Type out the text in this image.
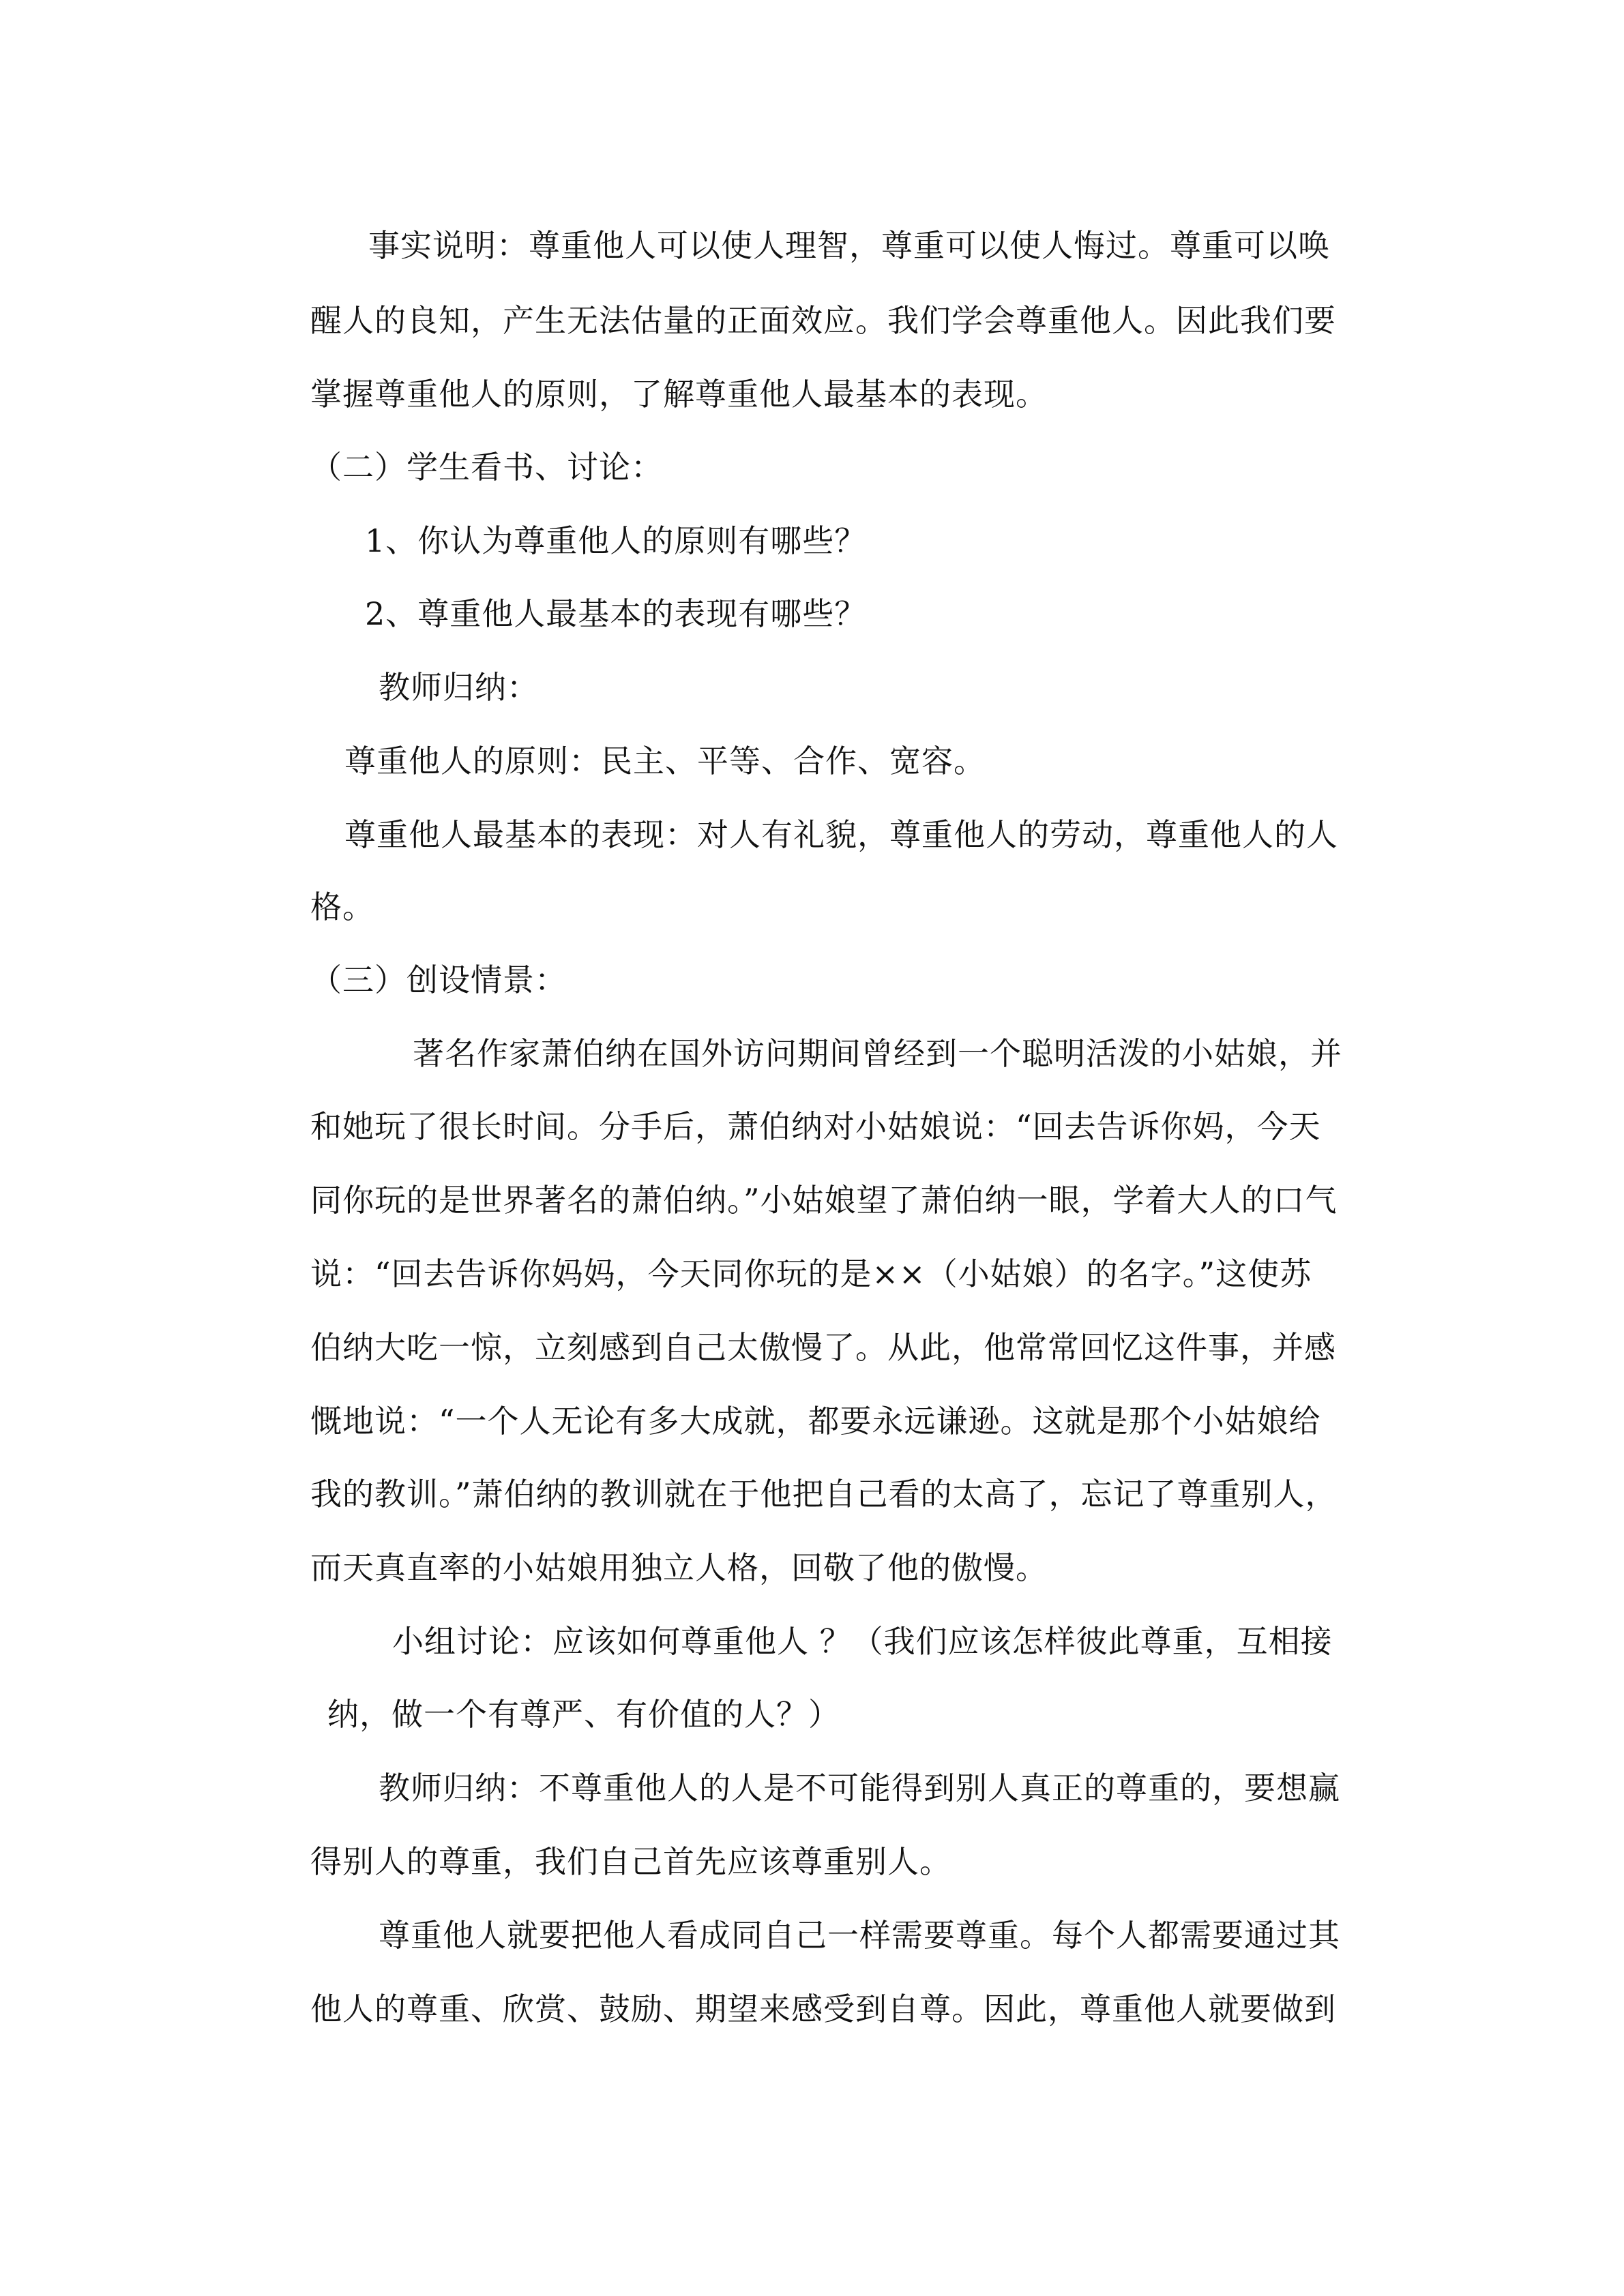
事实说明：尊重他人可以使人理智，尊重可以使人悔过。尊重可以唤
醒人的良知，产生无法估量的正面效应。我们学会尊重他人。因此我们要
掌握尊重他人的原则，了解尊重他人最基本的表现。
（二）学生看书、讨论：
1、你认为尊重他人的原则有哪些？
2、尊重他人最基本的表现有哪些？
教师归纳：
尊重他人的原则：民主、平等、合作、宽容。
尊重他人最基本的表现：对人有礼貌，尊重他人的劳动，尊重他人的人
格。
（三）创设情景：
著名作家萧伯纳在国外访问期间曾经到一个聪明活泼的小姑娘，并
和她玩了很长时间。分手后，萧伯纳对小姑娘说：“回去告诉你妈，今天
同你玩的是世界著名的萧伯纳。”小姑娘望了萧伯纳一眼，学着大人的口气
说：“回去告诉你妈妈，今天同你玩的是××（小姑娘）的名字。”这使苏
伯纳大吃一惊，立刻感到自己太傲慢了。从此，他常常回忆这件事，并感
慨地说：“一个人无论有多大成就，都要永远谦逊。这就是那个小姑娘给
我的教训。”萧伯纳的教训就在于他把自己看的太高了，忘记了尊重别人，
而天真直率的小姑娘用独立人格，回敬了他的傲慢。
小组讨论：应该如何尊重他人 ？（我们应该怎样彼此尊重，互相接
纳，做一个有尊严、有价值的人？）
教师归纳：不尊重他人的人是不可能得到别人真正的尊重的，要想赢
得别人的尊重，我们自己首先应该尊重别人。
尊重他人就要把他人看成同自己一样需要尊重。每个人都需要通过其
他人的尊重、欣赏、鼓励、期望来感受到自尊。因此，尊重他人就要做到
